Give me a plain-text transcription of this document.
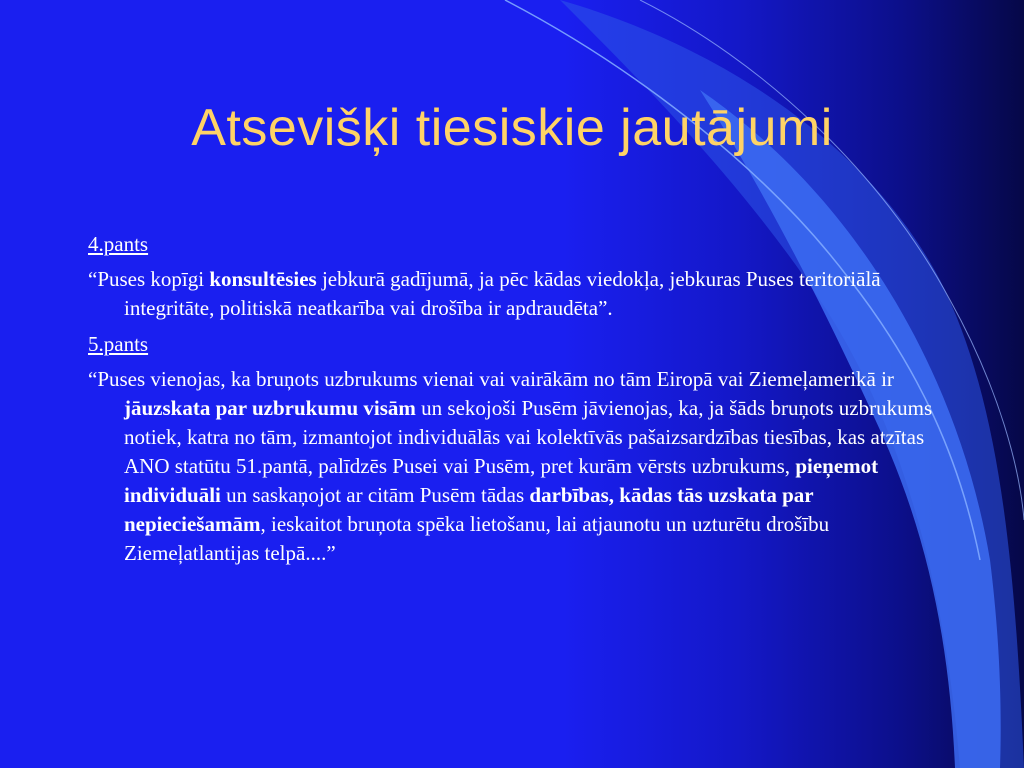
Atsevišķi tiesiskie jautājumi
4.pants
“Puses kopīgi konsultēsies jebkurā gadījumā, ja pēc kādas viedokļa, jebkuras Puses teritoriālā integritāte, politiskā neatkarība vai drošība ir apdraudēta”.
5.pants
“Puses vienojas, ka bruņots uzbrukums vienai vai vairākām no tām Eiropā vai Ziemeļamerikā ir jāuzskata par uzbrukumu visām un sekojoši Pusēm jāvienojas, ka, ja šāds bruņots uzbrukums notiek, katra no tām, izmantojot individuālās vai kolektīvās pašaizsardzības tiesības, kas atzītas ANO statūtu 51.pantā, palīdzēs Pusei vai Pusēm, pret kurām vērsts uzbrukums, pieņemot individuāli un saskaņojot ar citām Pusēm tādas darbības, kādas tās uzskata par nepieciešamām, ieskaitot bruņota spēka lietošanu, lai atjaunotu un uzturētu drošību Ziemeļatlantijas telpā....”
